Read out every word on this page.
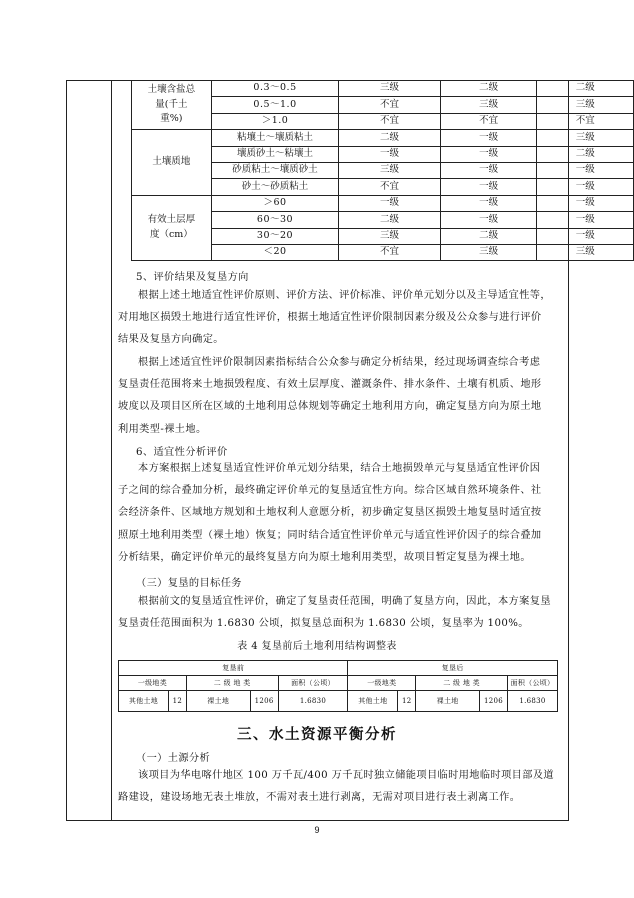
土壤含盐总
量(千土
重%)	0.3～0.5	三级	二级	二级
	0.5～1.0	不宜	三级	三级
	＞1.0	不宜	不宜	不宜
土壤质地	粘壤土～壤质粘土	二级	一级	三级
	壤质砂土～粘壤土	一级	一级	二级
	砂质粘土～壤质砂土	三级	一级	一级
	砂土～砂质粘土	不宜	一级	一级

有效土层厚
度（cm）	＞60	一级	一级	一级
	60～30	二级	一级	一级
	30～20	三级	二级	一级
	＜20	不宜	三级	三级
5、评价结果及复垦方向
根据上述土地适宜性评价原则、评价方法、评价标准、评价单元划分以及主导适宜性等，
对用地区损毁土地进行适宜性评价，根据土地适宜性评价限制因素分级及公众参与进行评价
结果及复垦方向确定。
根据上述适宜性评价限制因素指标结合公众参与确定分析结果，经过现场调查综合考虑
复垦责任范围将来土地损毁程度、有效土层厚度、灌溉条件、排水条件、土壤有机质、地形
坡度以及项目区所在区域的土地利用总体规划等确定土地利用方向，确定复垦方向为原土地
利用类型-裸土地。
6、适宜性分析评价
本方案根据上述复垦适宜性评价单元划分结果，结合土地损毁单元与复垦适宜性评价因
子之间的综合叠加分析，最终确定评价单元的复垦适宜性方向。综合区域自然环境条件、社
会经济条件、区域地方规划和土地权利人意愿分析，初步确定复垦区损毁土地复垦时适宜按
照原土地利用类型（裸土地）恢复；同时结合适宜性评价单元与适宜性评价因子的综合叠加
分析结果，确定评价单元的最终复垦方向为原土地利用类型，故项目暂定复垦为裸土地。
（三）复垦的目标任务
根据前文的复垦适宜性评价，确定了复垦责任范围，明确了复垦方向，因此，本方案复垦
复垦责任范围面积为 1.6830 公顷，拟复垦总面积为 1.6830 公顷，复垦率为 100%。
表 4 复垦前后土地利用结构调整表
复垦前					复垦后				
一级地类		二 级 地 类		面积（公顷）	一级地类		二 级 地 类		面积（公顷）
其他土地	12	裸土地	1206	1.6830	其他土地	12	裸土地	1206	1.6830
三、水土资源平衡分析
（一）土源分析
该项目为华电喀什地区 100 万千瓦/400 万千瓦时独立储能项目临时用地临时项目部及道
路建设，建设场地无表土堆放，不需对表土进行剥离，无需对项目进行表土剥离工作。
9
